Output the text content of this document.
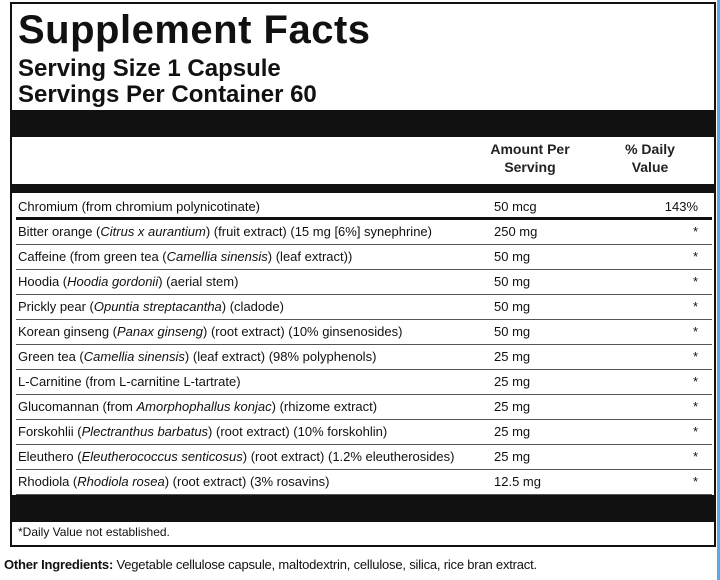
Supplement Facts
Serving Size 1 Capsule
Servings Per Container 60
Amount Per
Serving
% Daily
Value
Chromium (from chromium polynicotinate)	50 mcg	143%
Bitter orange (Citrus x aurantium) (fruit extract) (15 mg [6%] synephrine)	250 mg	*
Caffeine (from green tea (Camellia sinensis) (leaf extract))	50 mg	*
Hoodia (Hoodia gordonii) (aerial stem)	50 mg	*
Prickly pear (Opuntia streptacantha) (cladode)	50 mg	*
Korean ginseng (Panax ginseng) (root extract) (10% ginsenosides)	50 mg	*
Green tea (Camellia sinensis) (leaf extract) (98% polyphenols)	25 mg	*
L-Carnitine (from L-carnitine L-tartrate)	25 mg	*
Glucomannan (from Amorphophallus konjac) (rhizome extract)	25 mg	*
Forskohlii (Plectranthus barbatus) (root extract) (10% forskohlin)	25 mg	*
Eleuthero (Eleutherococcus senticosus) (root extract) (1.2% eleutherosides)	25 mg	*
Rhodiola (Rhodiola rosea) (root extract) (3% rosavins)	12.5 mg	*
*Daily Value not established.
Other Ingredients: Vegetable cellulose capsule, maltodextrin, cellulose, silica, rice bran extract.
